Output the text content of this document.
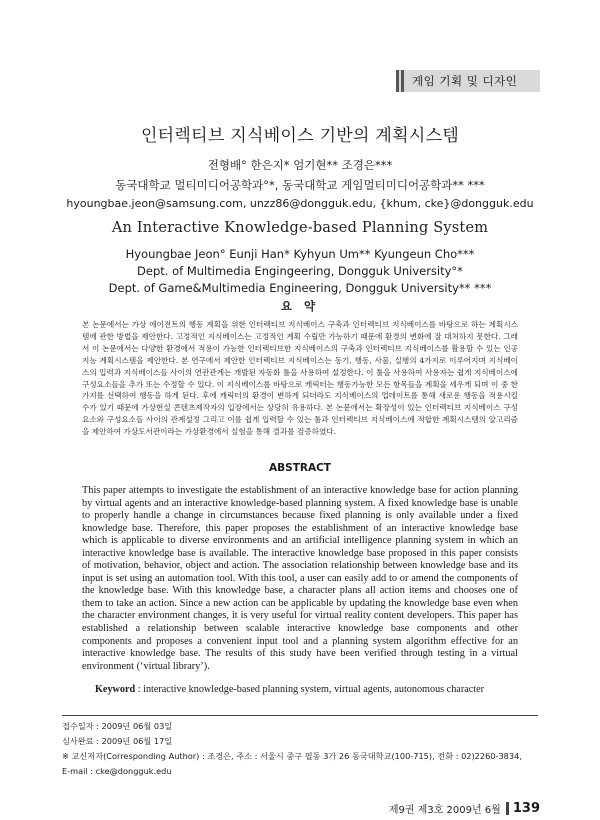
게임 기획 및 디자인
인터렉티브 지식베이스 기반의 계획시스템
전형배° 한은지* 엄기현** 조경은***
동국대학교 멀티미디어공학과°*, 동국대학교 게임멀티미디어공학과** ***
hyoungbae.jeon@samsung.com, unzz86@dongguk.edu, {khum, cke}@dongguk.edu
An Interactive Knowledge-based Planning System
Hyoungbae Jeon° Eunji Han* Kyhyun Um** Kyungeun Cho***
Dept. of Multimedia Engingeering, Dongguk University°*
Dept. of Game&Multimedia Engineering, Dongguk University** ***
요 약
본 논문에서는 가상 에이전트의 행동 계획을 위한 인터렉티브 지식베이스 구축과 인터렉티브 지식베이스를 바탕으로 하는 계획시스템에 관한 방법을 제안한다. 고정적인 지식베이스는 고정적인 계획 수립만 가능하기 때문에 환경의 변화에 잘 대처하지 못한다. 그래서 이 논문에서는 다양한 환경에서 적용이 가능한 인터렉티브한 지식베이스의 구축과 인터렉티브 지식베이스를 활용할 수 있는 인공지능 계획시스템을 제안한다. 본 연구에서 제안한 인터렉티브 지식베이스는 동기, 행동, 사물, 실행의 4가지로 이루어지며 지식베이스의 입력과 지식베이스들 사이의 연관관계는 개발된 자동화 툴을 사용하여 설정한다. 이 툴을 사용하여 사용자는 쉽게 지식베이스에 구성요소들을 추가 또는 수정할 수 있다. 이 지식베이스를 바탕으로 캐릭터는 행동가능한 모든 항목들을 계획을 세우게 되며 이 중 한 가지를 선택하여 행동을 하게 된다. 후에 캐릭터의 환경이 변하게 되더라도 지식베이스의 업데이트를 통해 새로운 행동을 적용시킬 수가 있기 때문에 가상현실 콘텐츠제작자의 입장에서는 상당히 유용하다. 본 논문에서는 확장성이 있는 인터렉티브 지식베이스 구성요소와 구성요소들 사이의 관계설정 그리고 이를 쉽게 입력할 수 있는 툴과 인터렉티브 지식베이스에 적합한 계획시스템의 알고리즘을 제안하여 가상도서관이라는 가상환경에서 실험을 통해 결과를 검증하였다.
ABSTRACT
This paper attempts to investigate the establishment of an interactive knowledge base for action planning by virtual agents and an interactive knowledge-based planning system. A fixed knowledge base is unable to properly handle a change in circumstances because fixed planning is only available under a fixed knowledge base. Therefore, this paper proposes the establishment of an interactive knowledge base which is applicable to diverse environments and an artificial intelligence planning system in which an interactive knowledge base is available. The interactive knowledge base proposed in this paper consists of motivation, behavior, object and action. The association relationship between knowledge base and its input is set using an automation tool. With this tool, a user can easily add to or amend the components of the knowledge base. With this knowledge base, a character plans all action items and chooses one of them to take an action. Since a new action can be applicable by updating the knowledge base even when the character environment changes, it is very useful for virtual reality content developers. This paper has established a relationship between scalable interactive knowledge base components and other components and proposes a convenient input tool and a planning system algorithm effective for an interactive knowledge base. The results of this study have been verified through testing in a virtual environment (‘virtual library’).
Keyword : interactive knowledge-based planning system, virtual agents, autonomous character
접수일자 : 2009년 06월 03일
심사완료 : 2009년 06월 17일
※ 교신저자(Corresponding Author) : 조경은, 주소 : 서울시 중구 필동 3가 26 동국대학교(100-715), 전화 : 02)2260-3834,
E-mail : cke@dongguk.edu
제9권 제3호 2009년 6월 139
